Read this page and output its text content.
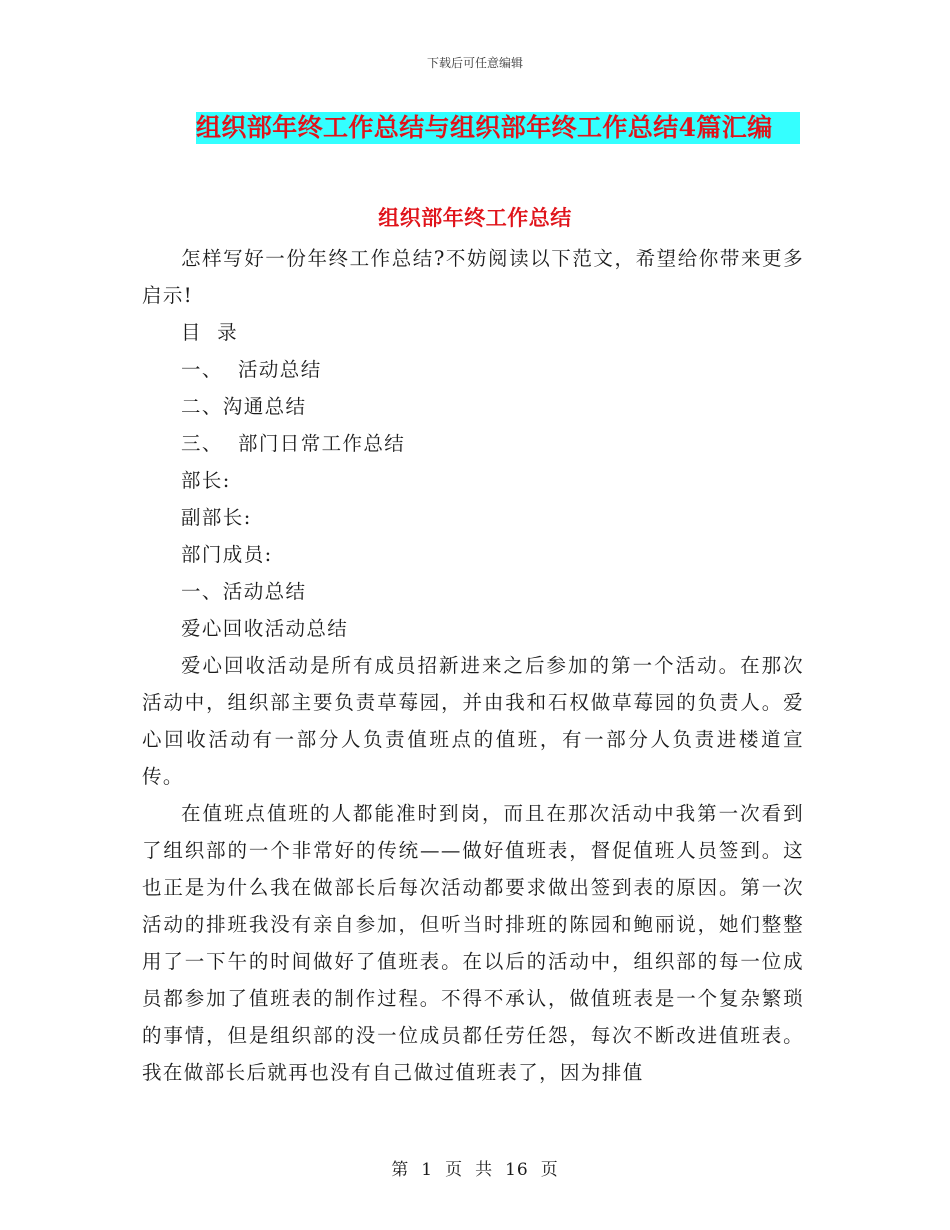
下载后可任意编辑
组织部年终工作总结与组织部年终工作总结4篇汇编
组织部年终工作总结

怎样写好一份年终工作总结?不妨阅读以下范文，希望给你带来更多启示!

目  录

一、  活动总结

二、沟通总结

三、  部门日常工作总结

部长:

副部长:

部门成员:

一、活动总结

爱心回收活动总结

爱心回收活动是所有成员招新进来之后参加的第一个活动。在那次活动中，组织部主要负责草莓园，并由我和石权做草莓园的负责人。爱心回收活动有一部分人负责值班点的值班，有一部分人负责进楼道宣传。

在值班点值班的人都能准时到岗，而且在那次活动中我第一次看到了组织部的一个非常好的传统——做好值班表，督促值班人员签到。这也正是为什么我在做部长后每次活动都要求做出签到表的原因。第一次活动的排班我没有亲自参加，但听当时排班的陈园和鲍丽说，她们整整用了一下午的时间做好了值班表。在以后的活动中，组织部的每一位成员都参加了值班表的制作过程。不得不承认，做值班表是一个复杂繁琐的事情，但是组织部的没一位成员都任劳任怨，每次不断改进值班表。我在做部长后就再也没有自己做过值班表了，因为排值

第 1 页 共 16 页
